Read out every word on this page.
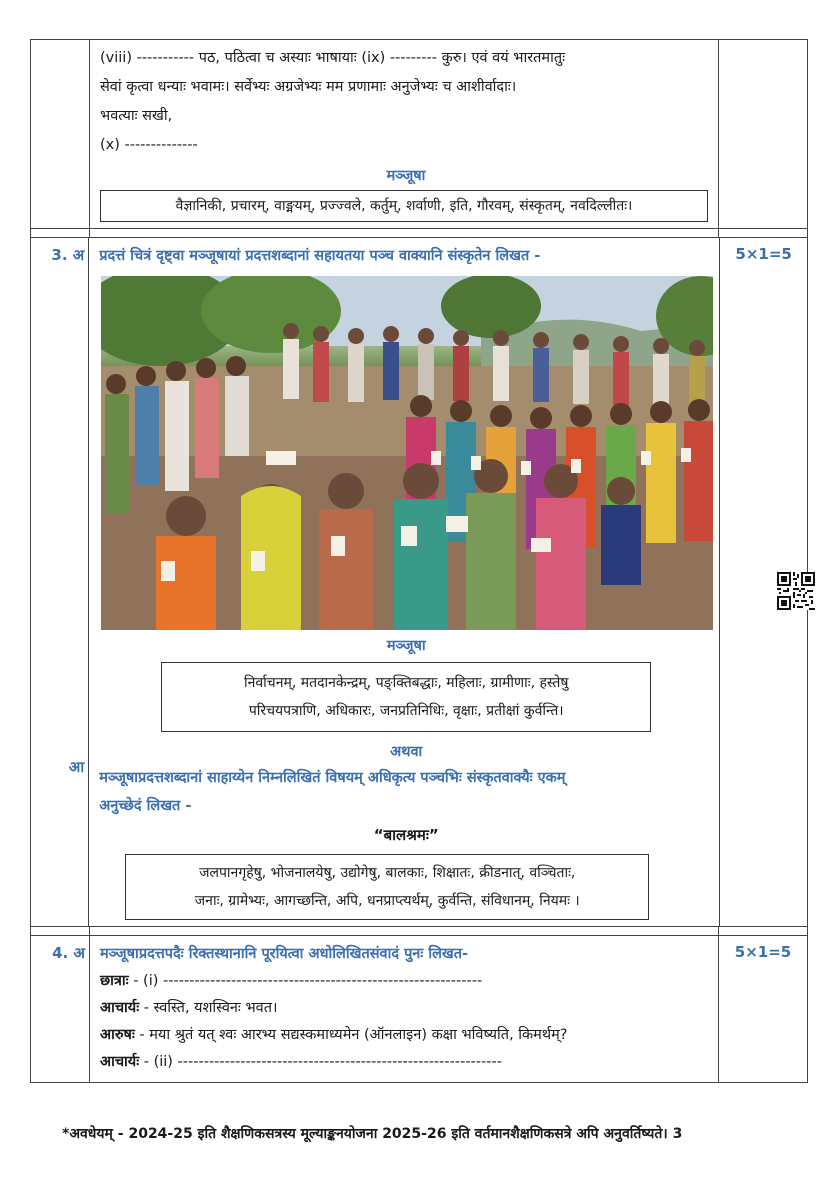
(viii) ----------- पठ, पठित्वा च अस्याः भाषायाः (ix) --------- कुरु। एवं वयं भारतमातुः
सेवां कृत्वा धन्याः भवामः। सर्वेभ्यः अग्रजेभ्यः मम प्रणामाः अनुजेभ्यः च आशीर्वादाः।
भवत्याः सखी,
(x) --------------
मञ्जूषा
वैज्ञानिकी, प्रचारम्, वाङ्मयम्, प्रज्ज्वले, कर्तुम्, शर्वाणी, इति, गौरवम्, संस्कृतम्, नवदिल्लीतः।
3. अ
आ
प्रदत्तं चित्रं दृष्ट्वा मञ्जूषायां प्रदत्तशब्दानां सहायतया पञ्च वाक्यानि संस्कृतेन लिखत -
मञ्जूषा
निर्वाचनम्, मतदानकेन्द्रम्, पङ्क्तिबद्धाः, महिलाः, ग्रामीणाः, हस्तेषु
परिचयपत्राणि, अधिकारः, जनप्रतिनिधिः, वृक्षाः, प्रतीक्षां कुर्वन्ति।
अथवा
मञ्जूषाप्रदत्तशब्दानां साहाय्येन निम्नलिखितं विषयम् अधिकृत्य पञ्चभिः संस्कृतवाक्यैः एकम्
अनुच्छेदं लिखत -
“बालश्रमः”
जलपानगृहेषु, भोजनालयेषु, उद्योगेषु, बालकाः, शिक्षातः, क्रीडनात्, वञ्चिताः,
जनाः, ग्रामेभ्यः, आगच्छन्ति, अपि, धनप्राप्त्यर्थम्, कुर्वन्ति, संविधानम्, नियमः ।
5×1=5
4. अ मञ्जूषाप्रदत्तपदैः रिक्तस्थानानि पूरयित्वा अधोलिखितसंवादं पुनः लिखत-
छात्राः - (i) -------------------------------------------------------------
आचार्यः - स्वस्ति, यशस्विनः भवत।
आरुषः - मया श्रुतं यत् श्वः आरभ्य सद्यस्कमाध्यमेन (ऑनलाइन) कक्षा भविष्यति, किमर्थम्?
आचार्यः - (ii) --------------------------------------------------------------
5×1=5
*अवधेयम् - 2024-25 इति शैक्षणिकसत्रस्य मूल्याङ्कनयोजना 2025-26 इति वर्तमानशैक्षणिकसत्रे अपि अनुवर्तिष्यते। 3
